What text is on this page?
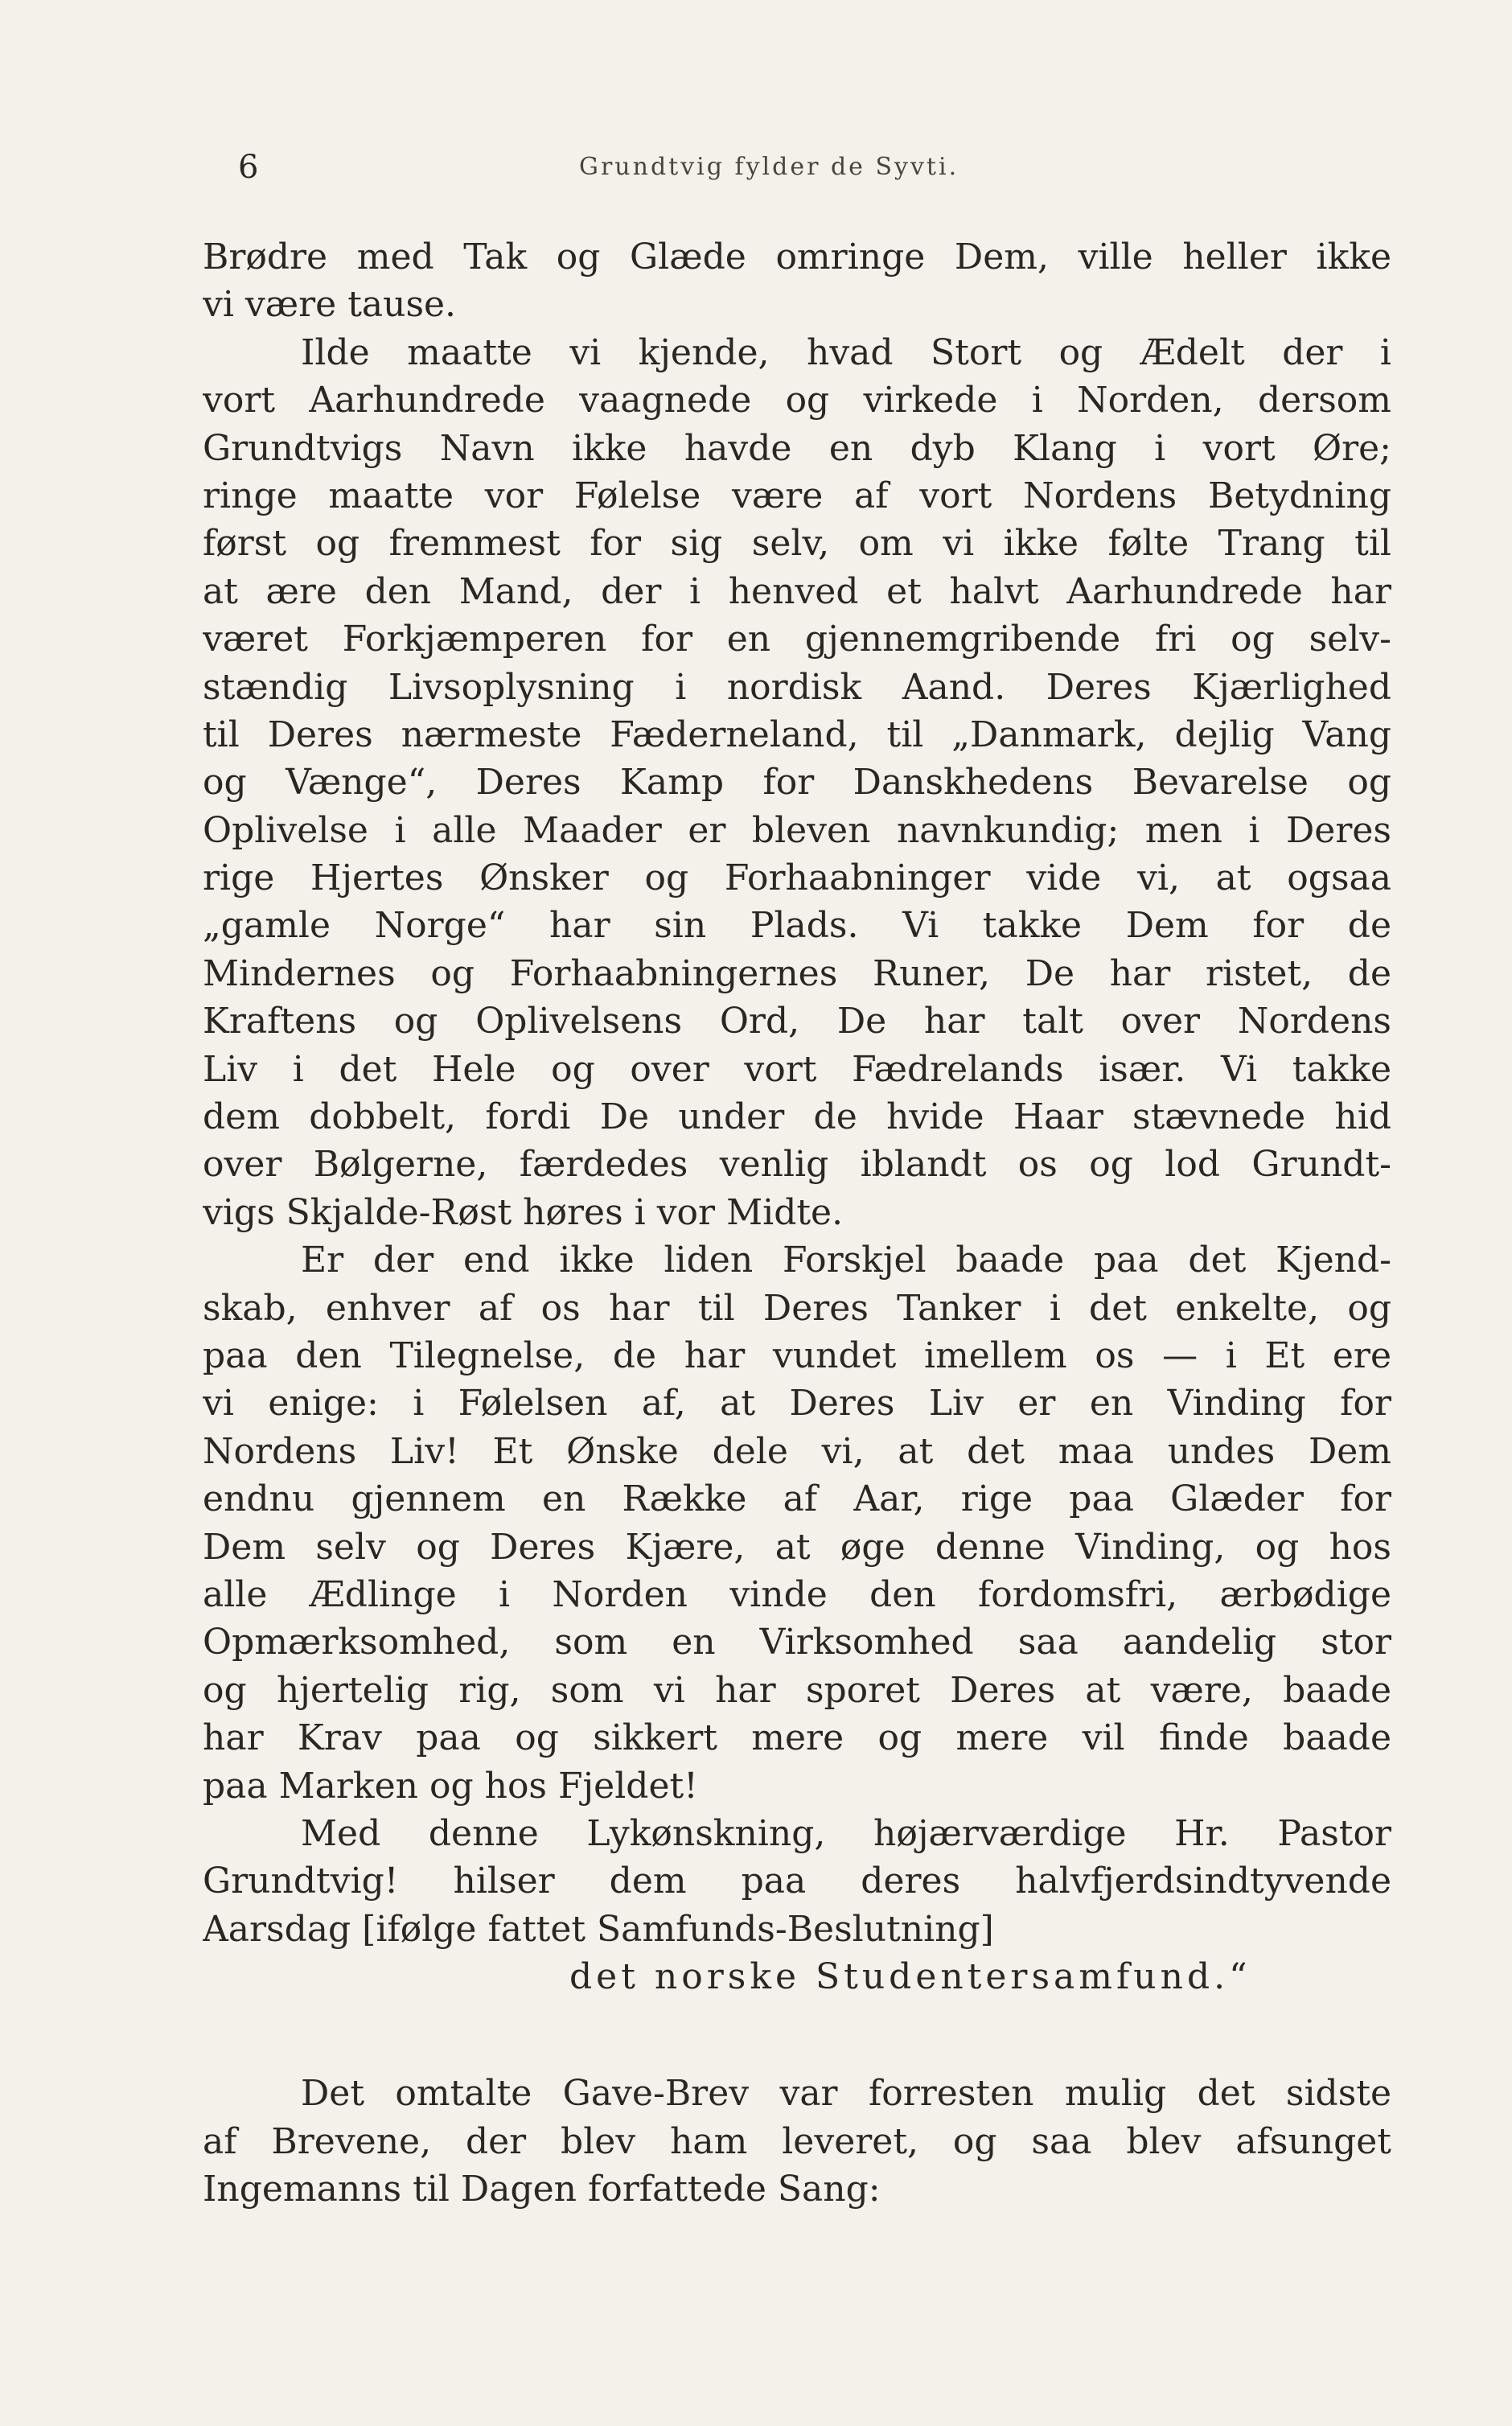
6	Grundtvig fylder de Syvti.
Brødre med Tak og Glæde omringe Dem, ville heller ikke
vi være tause.
Ilde maatte vi kjende, hvad Stort og Ædelt der i
vort Aarhundrede vaagnede og virkede i Norden, dersom
Grundtvigs Navn ikke havde en dyb Klang i vort Øre;
ringe maatte vor Følelse være af vort Nordens Betydning
først og fremmest for sig selv, om vi ikke følte Trang til
at ære den Mand, der i henved et halvt Aarhundrede har
været Forkjæmperen for en gjennemgribende fri og selv-
stændig Livsoplysning i nordisk Aand. Deres Kjærlighed
til Deres nærmeste Fæderneland, til „Danmark, dejlig Vang
og Vænge“, Deres Kamp for Danskhedens Bevarelse og
Oplivelse i alle Maader er bleven navnkundig; men i Deres
rige Hjertes Ønsker og Forhaabninger vide vi, at ogsaa
„gamle Norge“ har sin Plads. Vi takke Dem for de
Mindernes og Forhaabningernes Runer, De har ristet, de
Kraftens og Oplivelsens Ord, De har talt over Nordens
Liv i det Hele og over vort Fædrelands især. Vi takke
dem dobbelt, fordi De under de hvide Haar stævnede hid
over Bølgerne, færdedes venlig iblandt os og lod Grundt-
vigs Skjalde-Røst høres i vor Midte.
Er der end ikke liden Forskjel baade paa det Kjend-
skab, enhver af os har til Deres Tanker i det enkelte, og
paa den Tilegnelse, de har vundet imellem os — i Et ere
vi enige: i Følelsen af, at Deres Liv er en Vinding for
Nordens Liv! Et Ønske dele vi, at det maa undes Dem
endnu gjennem en Række af Aar, rige paa Glæder for
Dem selv og Deres Kjære, at øge denne Vinding, og hos
alle Ædlinge i Norden vinde den fordomsfri, ærbødige
Opmærksomhed, som en Virksomhed saa aandelig stor
og hjertelig rig, som vi har sporet Deres at være, baade
har Krav paa og sikkert mere og mere vil finde baade
paa Marken og hos Fjeldet!
Med denne Lykønskning, højærværdige Hr. Pastor
Grundtvig! hilser dem paa deres halvfjerdsindtyvende
Aarsdag [ifølge fattet Samfunds-Beslutning]
det norske Studentersamfund.“
Det omtalte Gave-Brev var forresten mulig det sidste
af Brevene, der blev ham leveret, og saa blev afsunget
Ingemanns til Dagen forfattede Sang:
